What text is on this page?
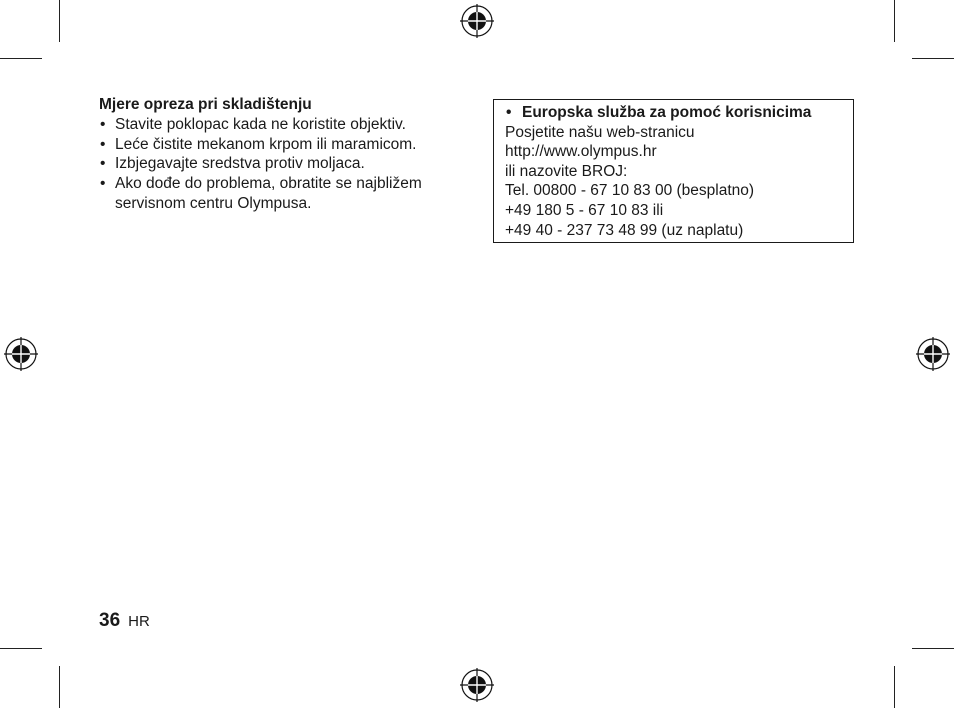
Mjere opreza pri skladištenju

• Stavite poklopac kada ne koristite objektiv.
• Leće čistite mekanom krpom ili maramicom.
• Izbjegavajte sredstva protiv moljaca.
• Ako dođe do problema, obratite se najbližem servisnom centru Olympusa.
• Europska služba za pomoć korisnicima
Posjetite našu web-stranicu
http://www.olympus.hr
ili nazovite BROJ:
Tel. 00800 - 67 10 83 00 (besplatno)
+49 180 5 - 67 10 83 ili
+49 40 - 237 73 48 99 (uz naplatu)
36 HR
